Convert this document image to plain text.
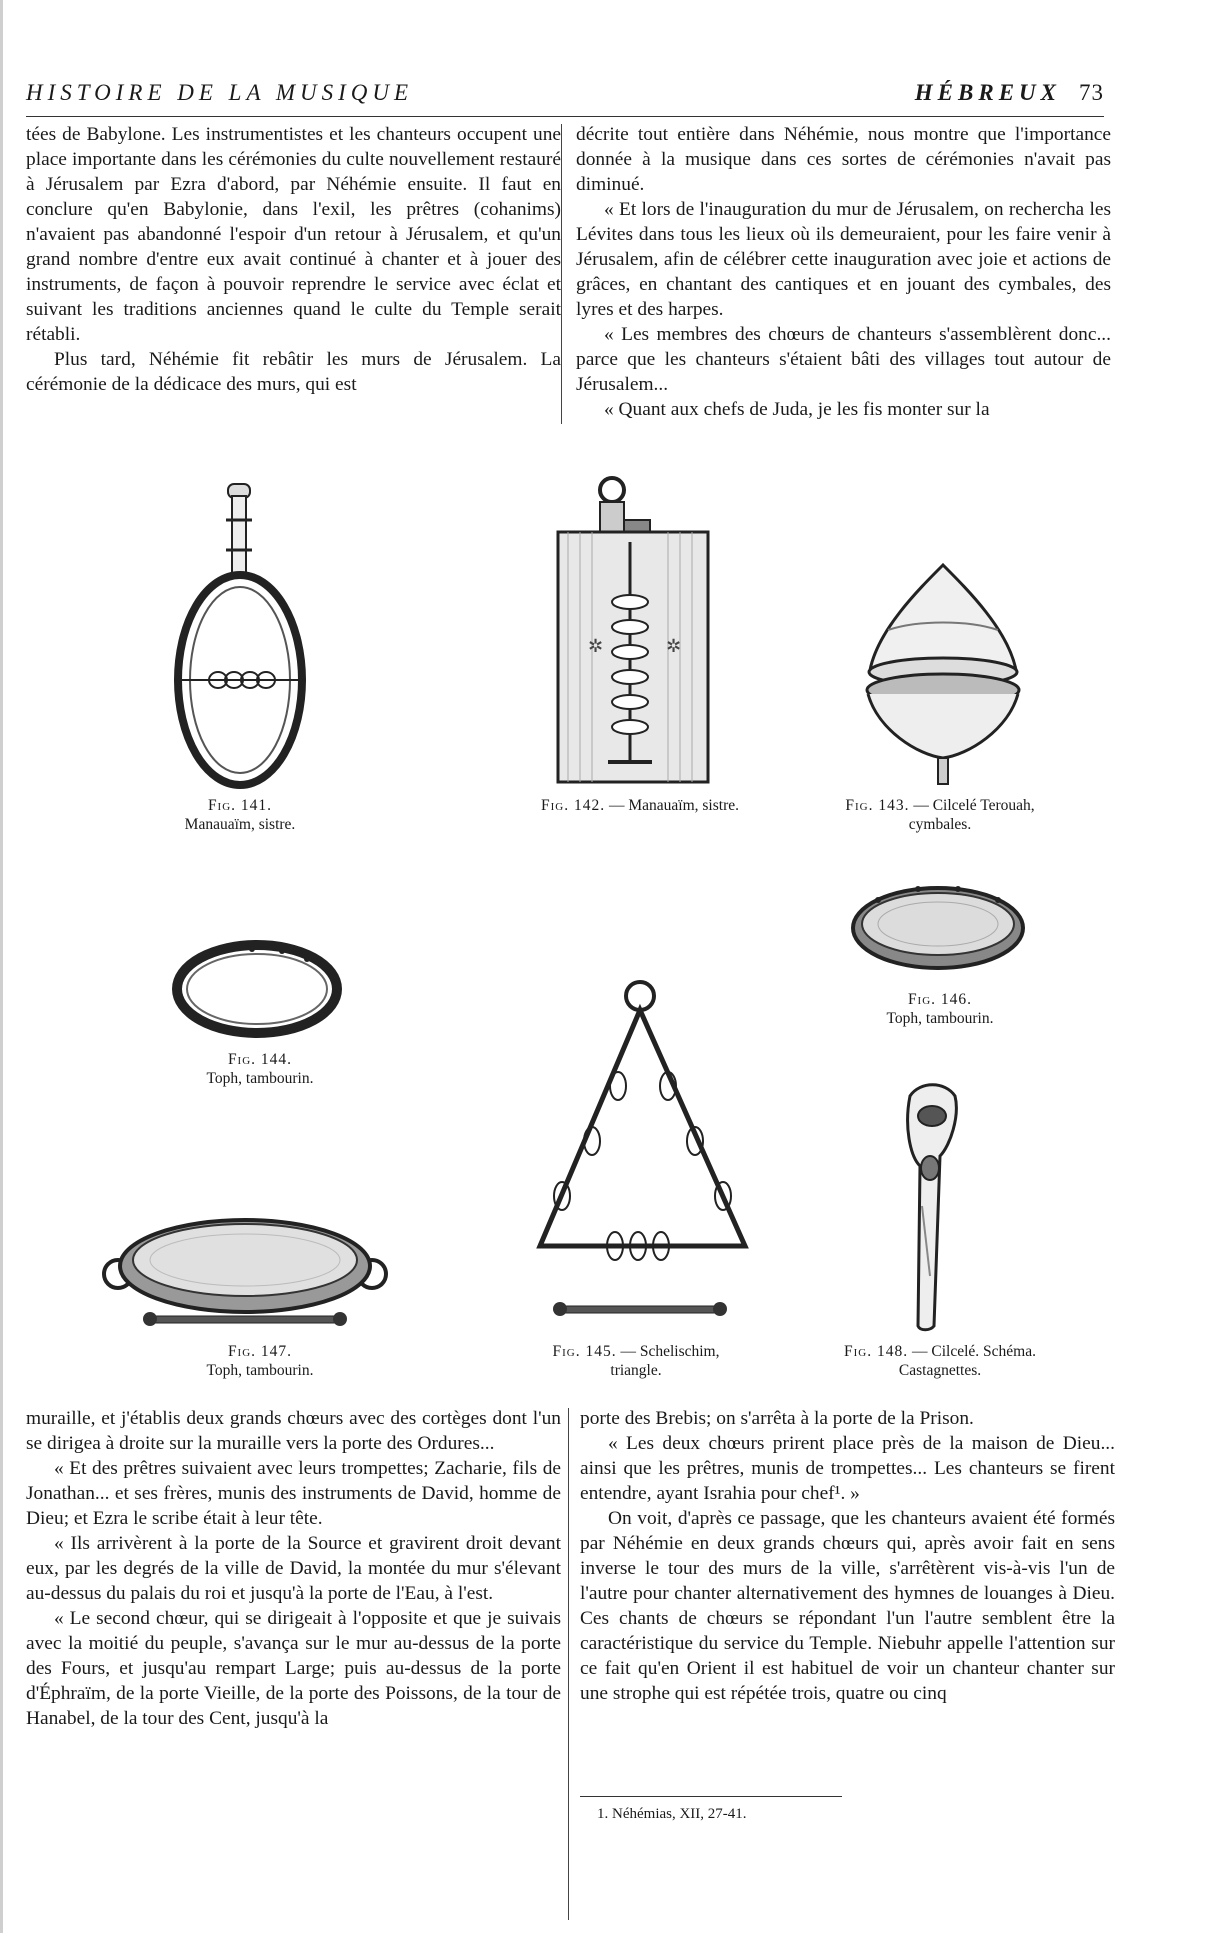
HISTOIRE DE LA MUSIQUE	HÉBREUX 73

tées de Babylone. Les instrumentistes et les chanteurs occupent une place importante dans les cérémonies du culte nouvellement restauré à Jérusalem par Ezra d'abord, par Néhémie ensuite. Il faut en conclure qu'en Babylonie, dans l'exil, les prêtres (cohanims) n'avaient pas abandonné l'espoir d'un retour à Jérusalem, et qu'un grand nombre d'entre eux avait continué à chanter et à jouer des instruments, de façon à pouvoir reprendre le service avec éclat et suivant les traditions anciennes quand le culte du Temple serait rétabli.

Plus tard, Néhémie fit rebâtir les murs de Jérusalem. La cérémonie de la dédicace des murs, qui est

décrite tout entière dans Néhémie, nous montre que l'importance donnée à la musique dans ces sortes de cérémonies n'avait pas diminué.

« Et lors de l'inauguration du mur de Jérusalem, on rechercha les Lévites dans tous les lieux où ils demeuraient, pour les faire venir à Jérusalem, afin de célébrer cette inauguration avec joie et actions de grâces, en chantant des cantiques et en jouant des cymbales, des lyres et des harpes.

« Les membres des chœurs de chanteurs s'assemblèrent donc... parce que les chanteurs s'étaient bâti des villages tout autour de Jérusalem...

« Quant aux chefs de Juda, je les fis monter sur la

Fig. 141.
Manauaïm, sistre.
✲	✲
Fig. 142. — Manauaïm, sistre.	Fig. 143. — Cilcelé Terouah, cymbales.
Fig. 144.
Toph, tambourin.
Fig. 145. — Schelischim, triangle.
Fig. 146.
Toph, tambourin.
Fig. 147.
Toph, tambourin.
Fig. 148. — Cilcelé. Schéma. Castagnettes.

muraille, et j'établis deux grands chœurs avec des cortèges dont l'un se dirigea à droite sur la muraille vers la porte des Ordures...

« Et des prêtres suivaient avec leurs trompettes; Zacharie, fils de Jonathan... et ses frères, munis des instruments de David, homme de Dieu; et Ezra le scribe était à leur tête.

« Ils arrivèrent à la porte de la Source et gravirent droit devant eux, par les degrés de la ville de David, la montée du mur s'élevant au-dessus du palais du roi et jusqu'à la porte de l'Eau, à l'est.

« Le second chœur, qui se dirigeait à l'opposite et que je suivais avec la moitié du peuple, s'avança sur le mur au-dessus de la porte des Fours, et jusqu'au rempart Large; puis au-dessus de la porte d'Éphraïm, de la porte Vieille, de la porte des Poissons, de la tour de Hanabel, de la tour des Cent, jusqu'à la

porte des Brebis; on s'arrêta à la porte de la Prison.

« Les deux chœurs prirent place près de la maison de Dieu... ainsi que les prêtres, munis de trompettes... Les chanteurs se firent entendre, ayant Israhia pour chef¹. »

On voit, d'après ce passage, que les chanteurs avaient été formés par Néhémie en deux grands chœurs qui, après avoir fait en sens inverse le tour des murs de la ville, s'arrêtèrent vis-à-vis l'un de l'autre pour chanter alternativement des hymnes de louanges à Dieu. Ces chants de chœurs se répondant l'un l'autre semblent être la caractéristique du service du Temple. Niebuhr appelle l'attention sur ce fait qu'en Orient il est habituel de voir un chanteur chanter sur une strophe qui est répétée trois, quatre ou cinq

1. Néhémias, XII, 27-41.
